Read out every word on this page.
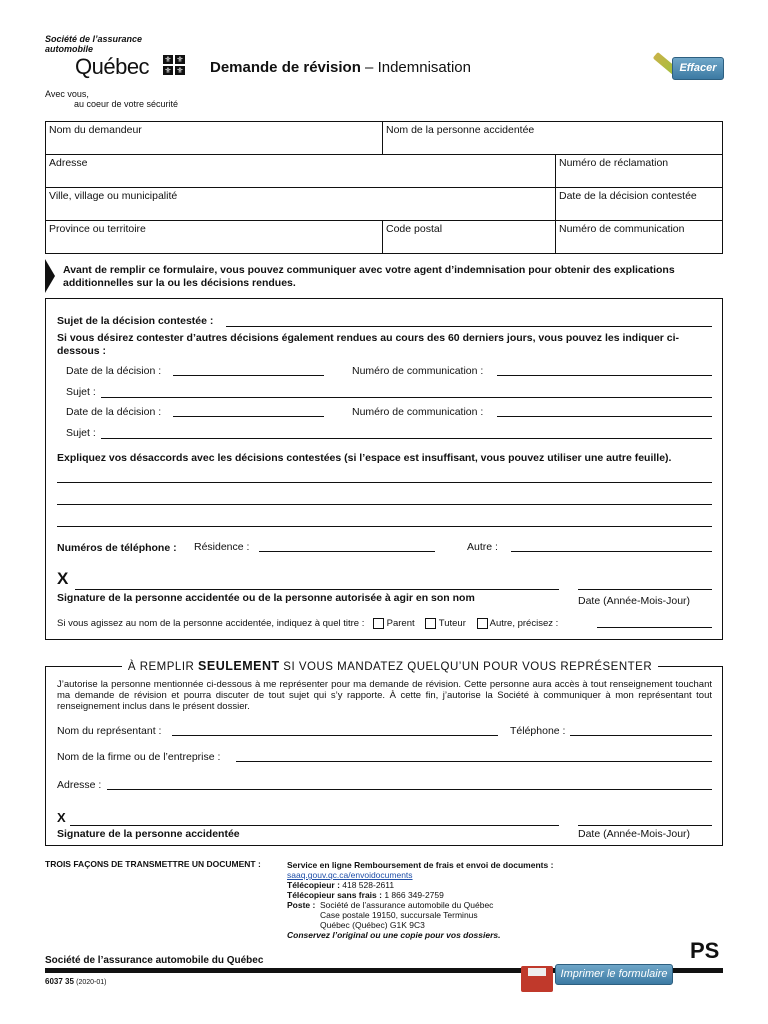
Société de l’assurance
automobile
Québec ⚜ ⚜
⚜ ⚜
Avec vous,
au coeur de votre sécurité
Demande de révision – Indemnisation	Effacer
Nom du demandeur	Nom de la personne accidentée
Adresse	Numéro de réclamation
Ville, village ou municipalité	Date de la décision contestée
Province ou territoire	Code postal	Numéro de communication
Avant de remplir ce formulaire, vous pouvez communiquer avec votre agent d’indemnisation pour obtenir des explications additionnelles sur la ou les décisions rendues.
Sujet de la décision contestée :
Si vous désirez contester d’autres décisions également rendues au cours des 60 derniers jours, vous pouvez les indiquer ci-dessous :
Date de la décision :	Numéro de communication :
Sujet :
Date de la décision :	Numéro de communication :
Sujet :
Expliquez vos désaccords avec les décisions contestées (si l’espace est insuffisant, vous pouvez utiliser une autre feuille).
Numéros de téléphone : Résidence :	Autre :
X
Signature de la personne accidentée ou de la personne autorisée à agir en son nom	Date (Année-Mois-Jour)
Si vous agissez au nom de la personne accidentée, indiquez à quel titre : Parent	Tuteur	Autre, précisez :
À REMPLIR SEULEMENT SI VOUS MANDATEZ QUELQU’UN POUR VOUS REPRÉSENTER
J’autorise la personne mentionnée ci-dessous à me représenter pour ma demande de révision. Cette personne aura accès à tout renseignement touchant ma demande de révision et pourra discuter de tout sujet qui s’y rapporte. À cette fin, j’autorise la Société à communiquer à mon représentant tout renseignement inclus dans le présent dossier.
Nom du représentant :	Téléphone :
Nom de la firme ou de l’entreprise :
Adresse :
X
Signature de la personne accidentée	Date (Année-Mois-Jour)
TROIS FAÇONS DE TRANSMETTRE UN DOCUMENT :	Service en ligne Remboursement de frais et envoi de documents :
saaq.gouv.qc.ca/envoidocuments
Télécopieur : 418 528-2611
Télécopieur sans frais : 1 866 349-2759
Poste : Société de l’assurance automobile du Québec
Case postale 19150, succursale Terminus
Québec (Québec) G1K 9C3
Conservez l’original ou une copie pour vos dossiers.
PS
Société de l’assurance automobile du Québec
6037 35 (2020-01)
Imprimer le formulaire
